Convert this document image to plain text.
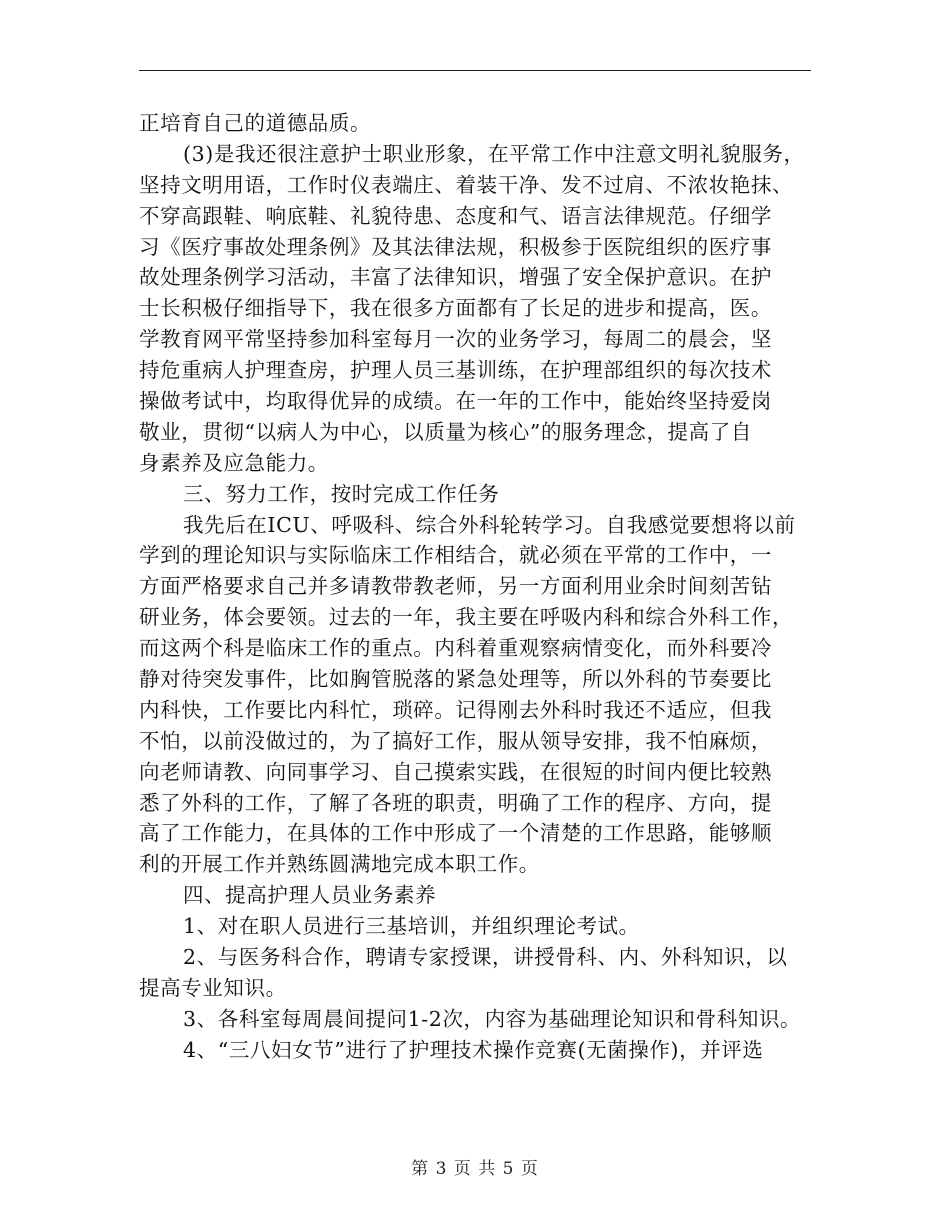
正培育自己的道德品质。
(3)是我还很注意护士职业形象，在平常工作中注意文明礼貌服务，
坚持文明用语，工作时仪表端庄、着装干净、发不过肩、不浓妆艳抹、
不穿高跟鞋、响底鞋、礼貌待患、态度和气、语言法律规范。仔细学
习《医疗事故处理条例》及其法律法规，积极参于医院组织的医疗事
故处理条例学习活动，丰富了法律知识，增强了安全保护意识。在护
士长积极仔细指导下，我在很多方面都有了长足的进步和提高，医。
学教育网平常坚持参加科室每月一次的业务学习，每周二的晨会，坚
持危重病人护理查房，护理人员三基训练，在护理部组织的每次技术
操做考试中，均取得优异的成绩。在一年的工作中，能始终坚持爱岗
敬业，贯彻“以病人为中心，以质量为核心”的服务理念，提高了自
身素养及应急能力。
三、努力工作，按时完成工作任务
我先后在ICU、呼吸科、综合外科轮转学习。自我感觉要想将以前
学到的理论知识与实际临床工作相结合，就必须在平常的工作中，一
方面严格要求自己并多请教带教老师，另一方面利用业余时间刻苦钻
研业务，体会要领。过去的一年，我主要在呼吸内科和综合外科工作，
而这两个科是临床工作的重点。内科着重观察病情变化，而外科要冷
静对待突发事件，比如胸管脱落的紧急处理等，所以外科的节奏要比
内科快，工作要比内科忙，琐碎。记得刚去外科时我还不适应，但我
不怕，以前没做过的，为了搞好工作，服从领导安排，我不怕麻烦，
向老师请教、向同事学习、自己摸索实践，在很短的时间内便比较熟
悉了外科的工作，了解了各班的职责，明确了工作的程序、方向，提
高了工作能力，在具体的工作中形成了一个清楚的工作思路，能够顺
利的开展工作并熟练圆满地完成本职工作。
四、提高护理人员业务素养
1、对在职人员进行三基培训，并组织理论考试。
2、与医务科合作，聘请专家授课，讲授骨科、内、外科知识，以
提高专业知识。
3、各科室每周晨间提问1-2次，内容为基础理论知识和骨科知识。
4、“三八妇女节”进行了护理技术操作竞赛(无菌操作)，并评选
第 3 页 共 5 页
